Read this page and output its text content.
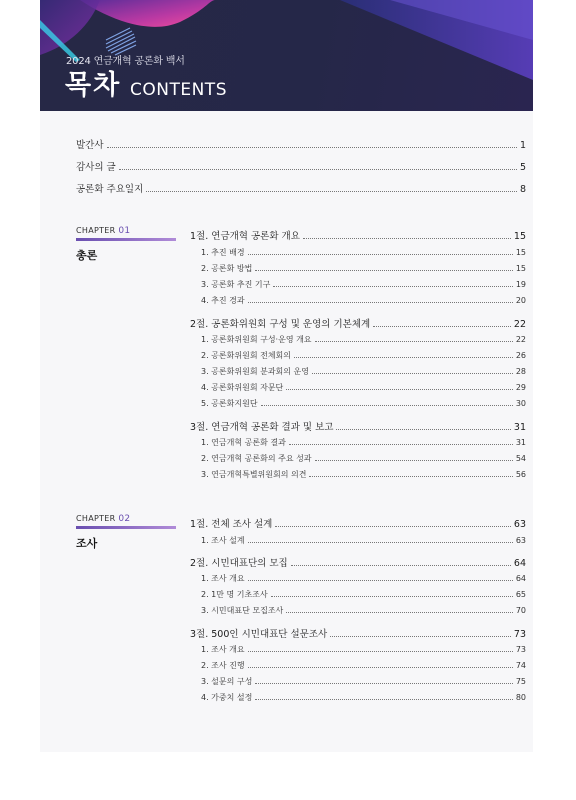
2024 연금개혁 공론화 백서
목차 CONTENTS
발간사	1
감사의 글	5
공론화 주요일지	8
CHAPTER 01
총론
1절. 연금개혁 공론화 개요	15
1. 추진 배경	15
2. 공론화 방법	15
3. 공론화 추진 기구	19
4. 추진 경과	20
2절. 공론화위원회 구성 및 운영의 기본체계	22
1. 공론화위원회 구성·운영 개요	22
2. 공론화위원회 전체회의	26
3. 공론화위원회 분과회의 운영	28
4. 공론화위원회 자문단	29
5. 공론화지원단	30
3절. 연금개혁 공론화 결과 및 보고	31
1. 연금개혁 공론화 결과	31
2. 연금개혁 공론화의 주요 성과	54
3. 연금개혁특별위원회의 의견	56
CHAPTER 02
조사
1절. 전체 조사 설계	63
1. 조사 설계	63
2절. 시민대표단의 모집	64
1. 조사 개요	64
2. 1만 명 기초조사	65
3. 시민대표단 모집조사	70
3절. 500인 시민대표단 설문조사	73
1. 조사 개요	73
2. 조사 진행	74
3. 설문의 구성	75
4. 가중치 설정	80
